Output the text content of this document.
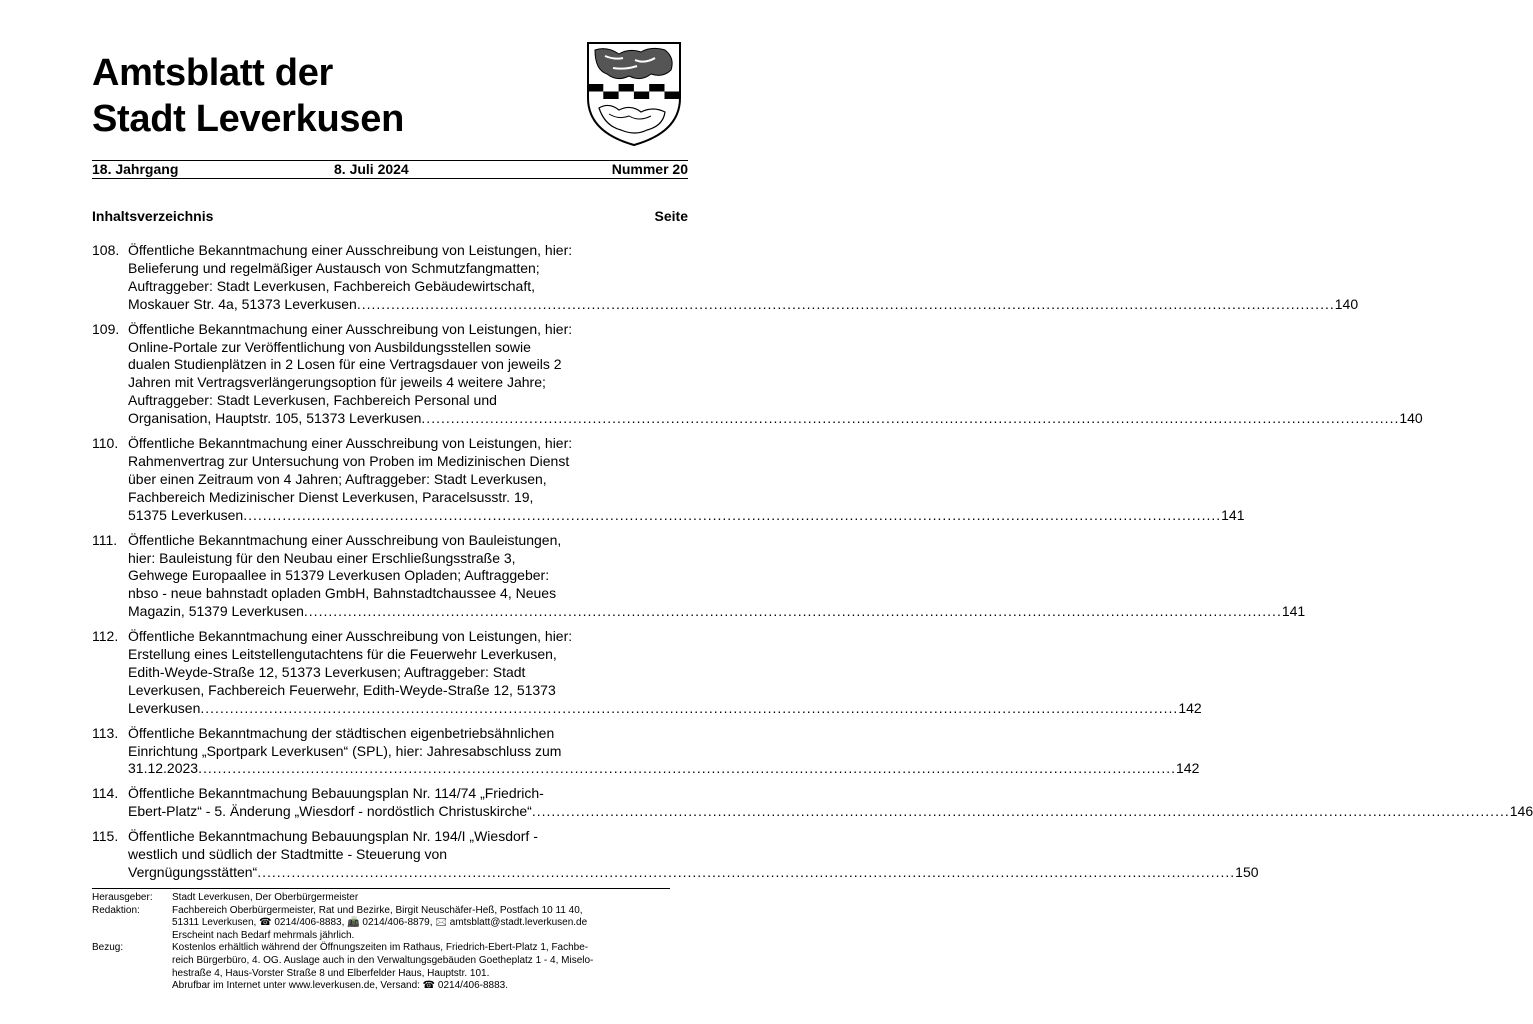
Amtsblatt der
Stadt Leverkusen
18. Jahrgang	8. Juli 2024	Nummer 20
Inhaltsverzeichnis	Seite
108. Öffentliche Bekanntmachung einer Ausschreibung von Leistungen, hier:
Belieferung und regelmäßiger Austausch von Schmutzfangmatten;
Auftraggeber: Stadt Leverkusen, Fachbereich Gebäudewirtschaft,
Moskauer Str. 4a, 51373 Leverkusen ........................................................................................................................................................................................................ 140
109. Öffentliche Bekanntmachung einer Ausschreibung von Leistungen, hier:
Online-Portale zur Veröffentlichung von Ausbildungsstellen sowie
dualen Studienplätzen in 2 Losen für eine Vertragsdauer von jeweils 2
Jahren mit Vertragsverlängerungsoption für jeweils 4 weitere Jahre;
Auftraggeber: Stadt Leverkusen, Fachbereich Personal und
Organisation, Hauptstr. 105, 51373 Leverkusen ........................................................................................................................................................................................................ 140
110. Öffentliche Bekanntmachung einer Ausschreibung von Leistungen, hier:
Rahmenvertrag zur Untersuchung von Proben im Medizinischen Dienst
über einen Zeitraum von 4 Jahren; Auftraggeber: Stadt Leverkusen,
Fachbereich Medizinischer Dienst Leverkusen, Paracelsusstr. 19,
51375 Leverkusen ........................................................................................................................................................................................................ 141
111. Öffentliche Bekanntmachung einer Ausschreibung von Bauleistungen,
hier: Bauleistung für den Neubau einer Erschließungsstraße 3,
Gehwege Europaallee in 51379 Leverkusen Opladen; Auftraggeber:
nbso - neue bahnstadt opladen GmbH, Bahnstadtchaussee 4, Neues
Magazin, 51379 Leverkusen ........................................................................................................................................................................................................ 141
112. Öffentliche Bekanntmachung einer Ausschreibung von Leistungen, hier:
Erstellung eines Leitstellengutachtens für die Feuerwehr Leverkusen,
Edith-Weyde-Straße 12, 51373 Leverkusen; Auftraggeber: Stadt
Leverkusen, Fachbereich Feuerwehr, Edith-Weyde-Straße 12, 51373
Leverkusen ........................................................................................................................................................................................................ 142
113. Öffentliche Bekanntmachung der städtischen eigenbetriebsähnlichen
Einrichtung „Sportpark Leverkusen“ (SPL), hier: Jahresabschluss zum
31.12.2023 ........................................................................................................................................................................................................ 142
114. Öffentliche Bekanntmachung Bebauungsplan Nr. 114/74 „Friedrich-
Ebert-Platz“ - 5. Änderung „Wiesdorf - nordöstlich Christuskirche“ ........................................................................................................................................................................................................ 146
115. Öffentliche Bekanntmachung Bebauungsplan Nr. 194/I „Wiesdorf -
westlich und südlich der Stadtmitte - Steuerung von
Vergnügungsstätten“ ........................................................................................................................................................................................................ 150
Herausgeber:	Stadt Leverkusen, Der Oberbürgermeister
Redaktion:	Fachbereich Oberbürgermeister, Rat und Bezirke, Birgit Neuschäfer-Heß, Postfach 10 11 40,
51311 Leverkusen, ☎ 0214/406-8883, 📠 0214/406-8879, 🖂 amtsblatt@stadt.leverkusen.de
Erscheint nach Bedarf mehrmals jährlich.
Bezug:	Kostenlos erhältlich während der Öffnungszeiten im Rathaus, Friedrich-Ebert-Platz 1, Fachbe-
reich Bürgerbüro, 4. OG. Auslage auch in den Verwaltungsgebäuden Goetheplatz 1 - 4, Miselo-
hestraße 4, Haus-Vorster Straße 8 und Elberfelder Haus, Hauptstr. 101.
Abrufbar im Internet unter www.leverkusen.de, Versand: ☎ 0214/406-8883.
